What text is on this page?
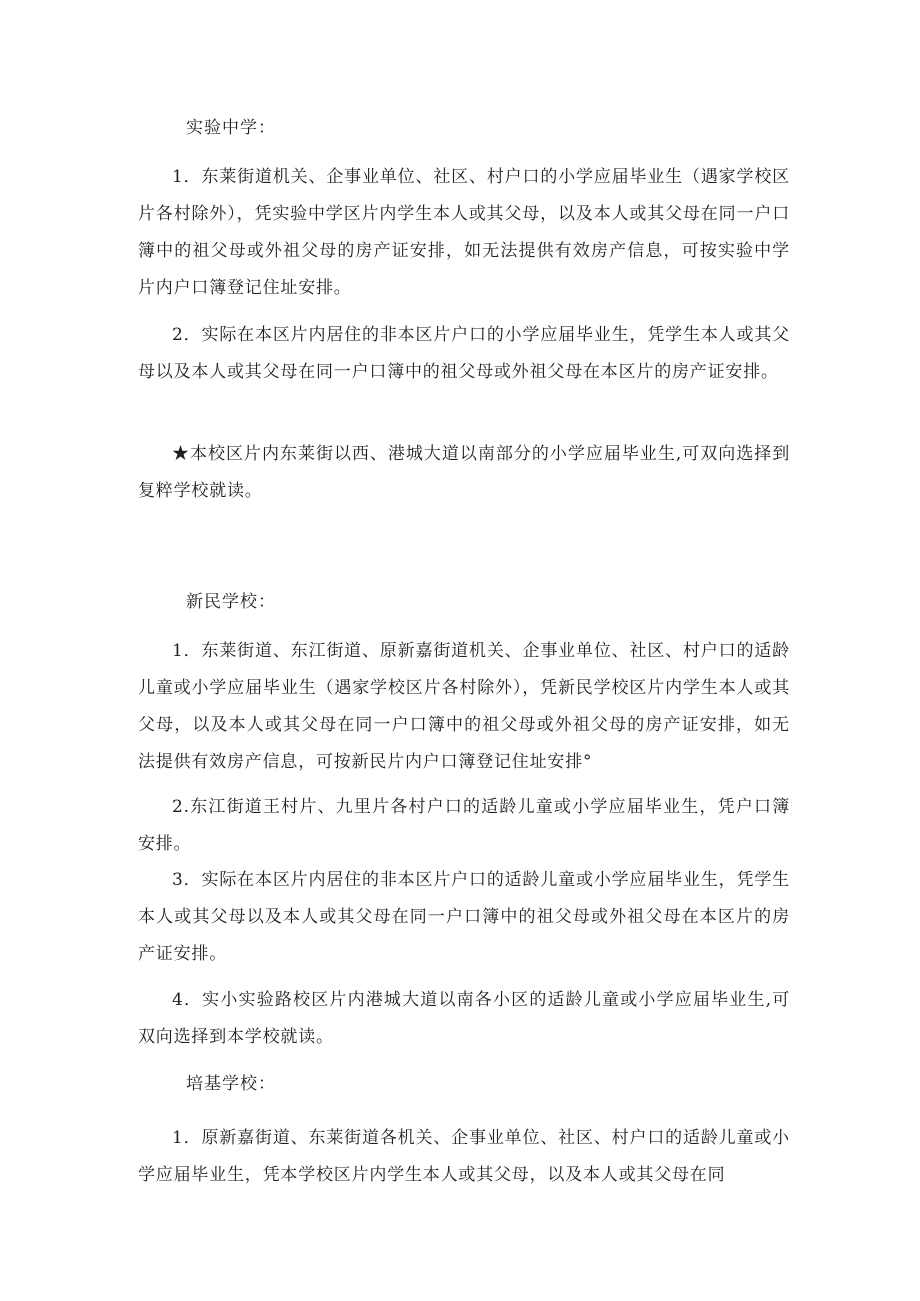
实验中学：

1．东莱街道机关、企事业单位、社区、村户口的小学应届毕业生（遇家学校区片各村除外），凭实验中学区片内学生本人或其父母，以及本人或其父母在同一户口簿中的祖父母或外祖父母的房产证安排，如无法提供有效房产信息，可按实验中学片内户口簿登记住址安排。

2．实际在本区片内居住的非本区片户口的小学应届毕业生，凭学生本人或其父母以及本人或其父母在同一户口簿中的祖父母或外祖父母在本区片的房产证安排。

★本校区片内东莱街以西、港城大道以南部分的小学应届毕业生,可双向选择到复粹学校就读。

新民学校：

1．东莱街道、东江街道、原新嘉街道机关、企事业单位、社区、村户口的适龄儿童或小学应届毕业生（遇家学校区片各村除外），凭新民学校区片内学生本人或其父母，以及本人或其父母在同一户口簿中的祖父母或外祖父母的房产证安排，如无法提供有效房产信息，可按新民片内户口簿登记住址安排°

2.东江街道王村片、九里片各村户口的适龄儿童或小学应届毕业生，凭户口簿安排。

3．实际在本区片内居住的非本区片户口的适龄儿童或小学应届毕业生，凭学生本人或其父母以及本人或其父母在同一户口簿中的祖父母或外祖父母在本区片的房产证安排。

4．实小实验路校区片内港城大道以南各小区的适龄儿童或小学应届毕业生,可双向选择到本学校就读。

培基学校：

1．原新嘉街道、东莱街道各机关、企事业单位、社区、村户口的适龄儿童或小学应届毕业生，凭本学校区片内学生本人或其父母，以及本人或其父母在同
